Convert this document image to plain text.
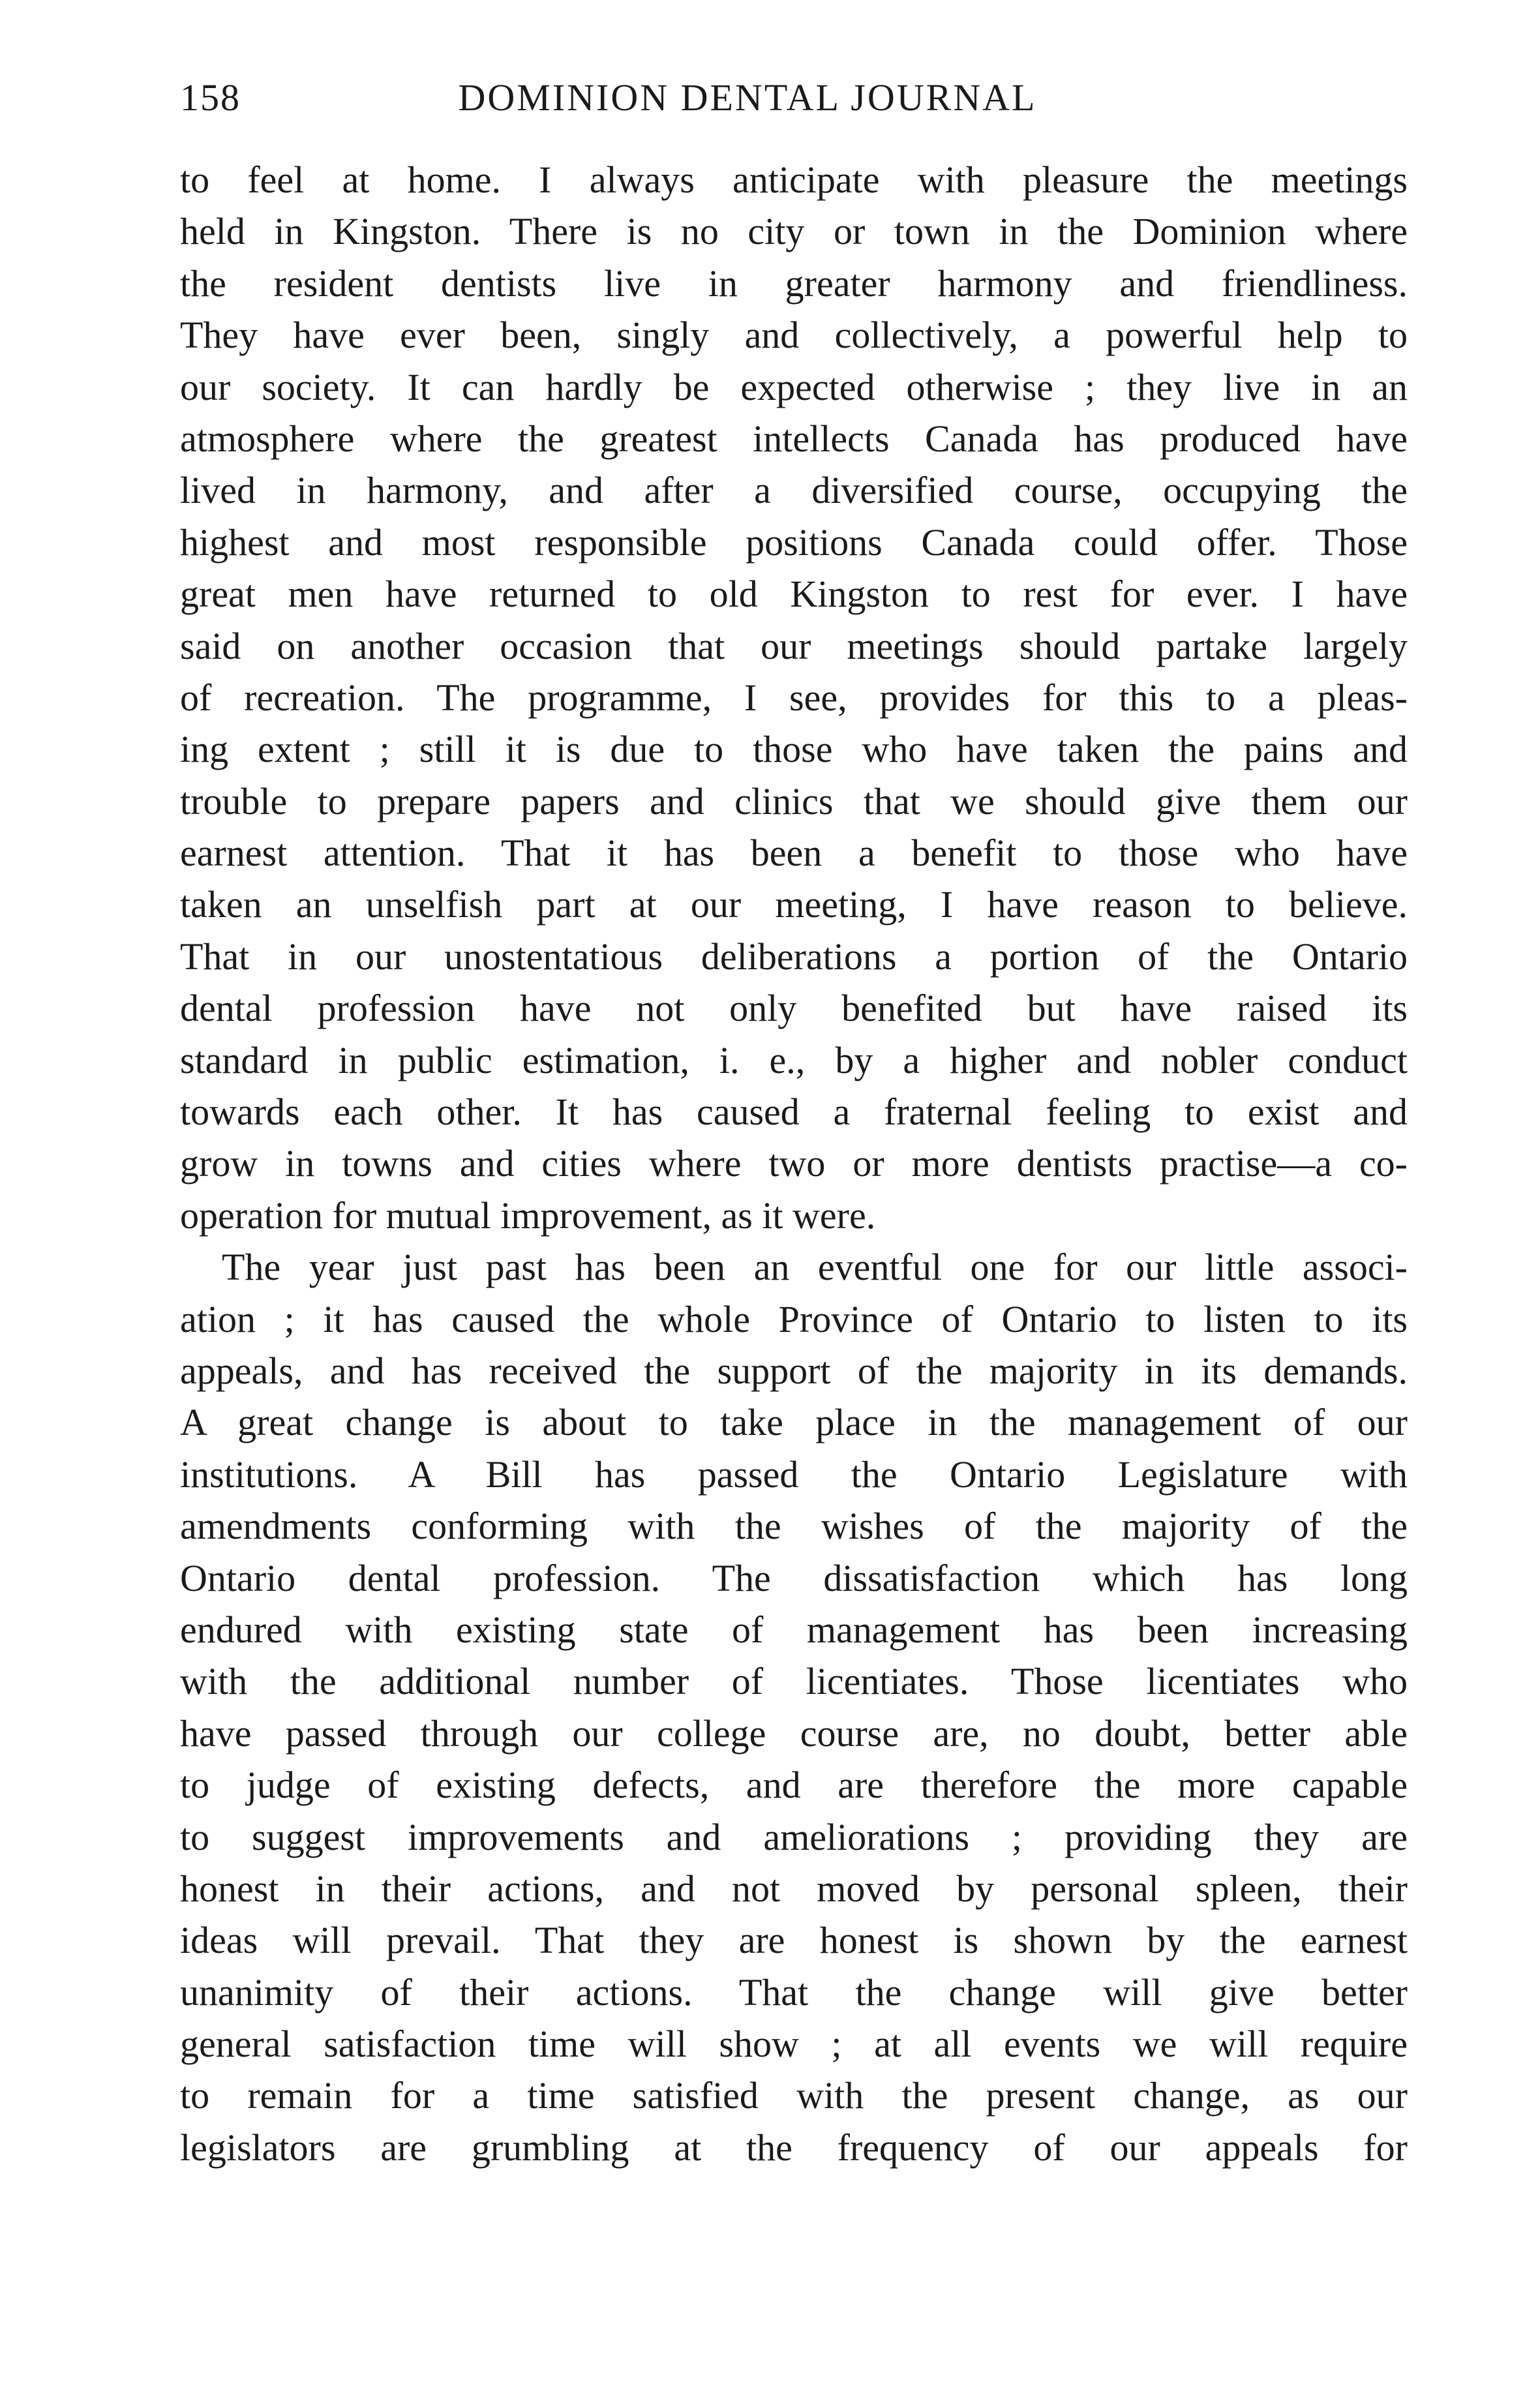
158	DOMINION DENTAL JOURNAL
to feel at home. I always anticipate with pleasure the meetings
held in Kingston. There is no city or town in the Dominion where
the resident dentists live in greater harmony and friendliness.
They have ever been, singly and collectively, a powerful help to
our society. It can hardly be expected otherwise ; they live in an
atmosphere where the greatest intellects Canada has produced have
lived in harmony, and after a diversified course, occupying the
highest and most responsible positions Canada could offer. Those
great men have returned to old Kingston to rest for ever. I have
said on another occasion that our meetings should partake largely
of recreation. The programme, I see, provides for this to a pleas-
ing extent ; still it is due to those who have taken the pains and
trouble to prepare papers and clinics that we should give them our
earnest attention. That it has been a benefit to those who have
taken an unselfish part at our meeting, I have reason to believe.
That in our unostentatious deliberations a portion of the Ontario
dental profession have not only benefited but have raised its
standard in public estimation, i. e., by a higher and nobler conduct
towards each other. It has caused a fraternal feeling to exist and
grow in towns and cities where two or more dentists practise—a co-
operation for mutual improvement, as it were.
The year just past has been an eventful one for our little associ-
ation ; it has caused the whole Province of Ontario to listen to its
appeals, and has received the support of the majority in its demands.
A great change is about to take place in the management of our
institutions. A Bill has passed the Ontario Legislature with
amendments conforming with the wishes of the majority of the
Ontario dental profession. The dissatisfaction which has long
endured with existing state of management has been increasing
with the additional number of licentiates. Those licentiates who
have passed through our college course are, no doubt, better able
to judge of existing defects, and are therefore the more capable
to suggest improvements and ameliorations ; providing they are
honest in their actions, and not moved by personal spleen, their
ideas will prevail. That they are honest is shown by the earnest
unanimity of their actions. That the change will give better
general satisfaction time will show ; at all events we will require
to remain for a time satisfied with the present change, as our
legislators are grumbling at the frequency of our appeals for
